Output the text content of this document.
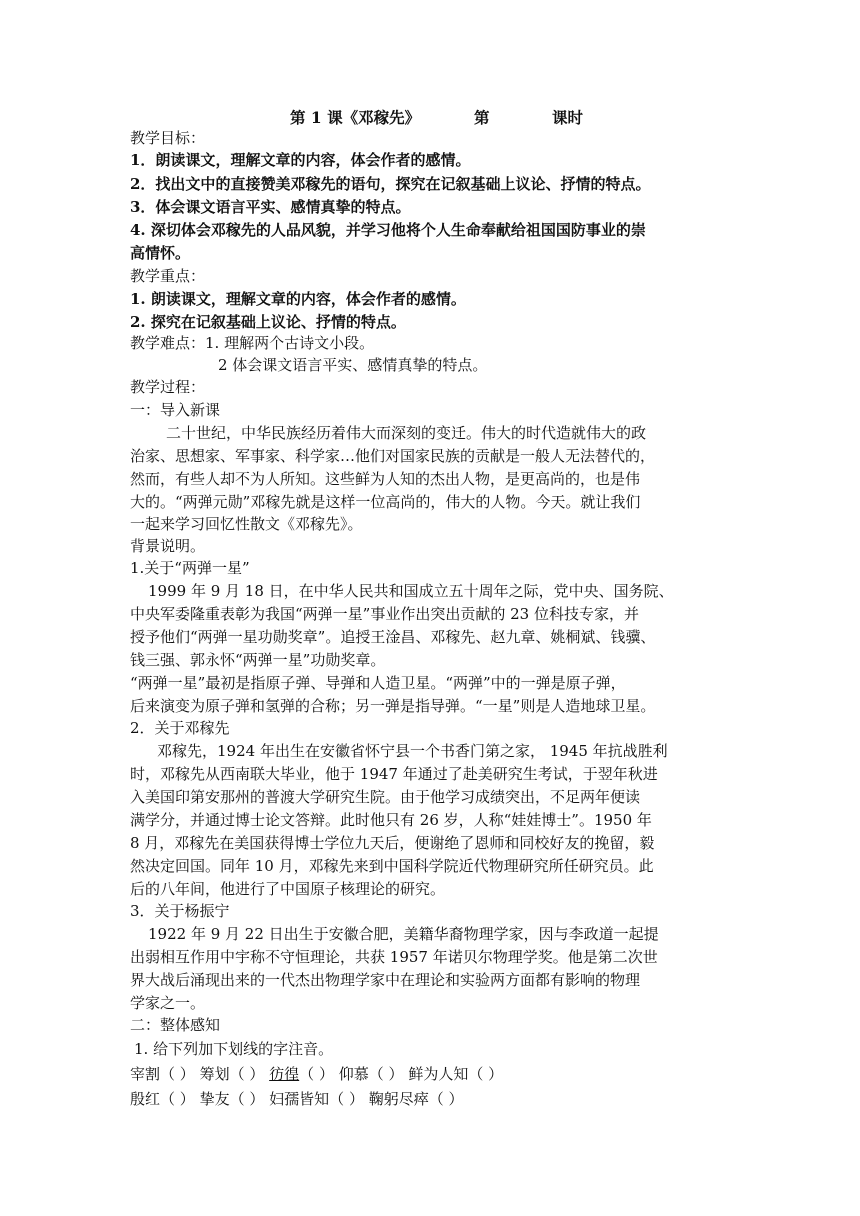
第 1 课《邓稼先》	第	课时
教学目标：
1．朗读课文，理解文章的内容，体会作者的感情。
2．找出文中的直接赞美邓稼先的语句，探究在记叙基础上议论、抒情的特点。
3．体会课文语言平实、感情真挚的特点。
4. 深切体会邓稼先的人品风貌，并学习他将个人生命奉献给祖国国防事业的崇
高情怀。
教学重点：
1. 朗读课文，理解文章的内容，体会作者的感情。
2. 探究在记叙基础上议论、抒情的特点。
教学难点：1. 理解两个古诗文小段。
2 体会课文语言平实、感情真挚的特点。
教学过程：
一：导入新课
二十世纪，中华民族经历着伟大而深刻的变迁。伟大的时代造就伟大的政
治家、思想家、军事家、科学家…他们对国家民族的贡献是一般人无法替代的，
然而，有些人却不为人所知。这些鲜为人知的杰出人物，是更高尚的，也是伟
大的。“两弹元勋”邓稼先就是这样一位高尚的，伟大的人物。今天。就让我们
一起来学习回忆性散文《邓稼先》。
背景说明。
1.关于“两弹一星”
1999 年 9 月 18 日，在中华人民共和国成立五十周年之际，党中央、国务院、
中央军委隆重表彰为我国“两弹一星”事业作出突出贡献的 23 位科技专家，并
授予他们“两弹一星功勋奖章”。追授王淦昌、邓稼先、赵九章、姚桐斌、钱骥、
钱三强、郭永怀“两弹一星”功勋奖章。
“两弹一星”最初是指原子弹、导弹和人造卫星。“两弹”中的一弹是原子弹，
后来演变为原子弹和氢弹的合称；另一弹是指导弹。“一星”则是人造地球卫星。
2．关于邓稼先
邓稼先，1924 年出生在安徽省怀宁县一个书香门第之家， 1945 年抗战胜利
时，邓稼先从西南联大毕业，他于 1947 年通过了赴美研究生考试，于翌年秋进
入美国印第安那州的普渡大学研究生院。由于他学习成绩突出，不足两年便读
满学分，并通过博士论文答辩。此时他只有 26 岁，人称“娃娃博士”。1950 年
8 月，邓稼先在美国获得博士学位九天后，便谢绝了恩师和同校好友的挽留，毅
然决定回国。同年 10 月，邓稼先来到中国科学院近代物理研究所任研究员。此
后的八年间，他进行了中国原子核理论的研究。
3．关于杨振宁
1922 年 9 月 22 日出生于安徽合肥，美籍华裔物理学家，因与李政道一起提
出弱相互作用中宇称不守恒理论，共获 1957 年诺贝尔物理学奖。他是第二次世
界大战后涌现出来的一代杰出物理学家中在理论和实验两方面都有影响的物理
学家之一。
二：整体感知
1. 给下列加下划线的字注音。
宰割（ ） 筹划（ ） 彷徨（ ） 仰慕（ ） 鲜为人知（ ）
殷红（ ） 挚友（ ） 妇孺皆知（ ） 鞠躬尽瘁（ ）
